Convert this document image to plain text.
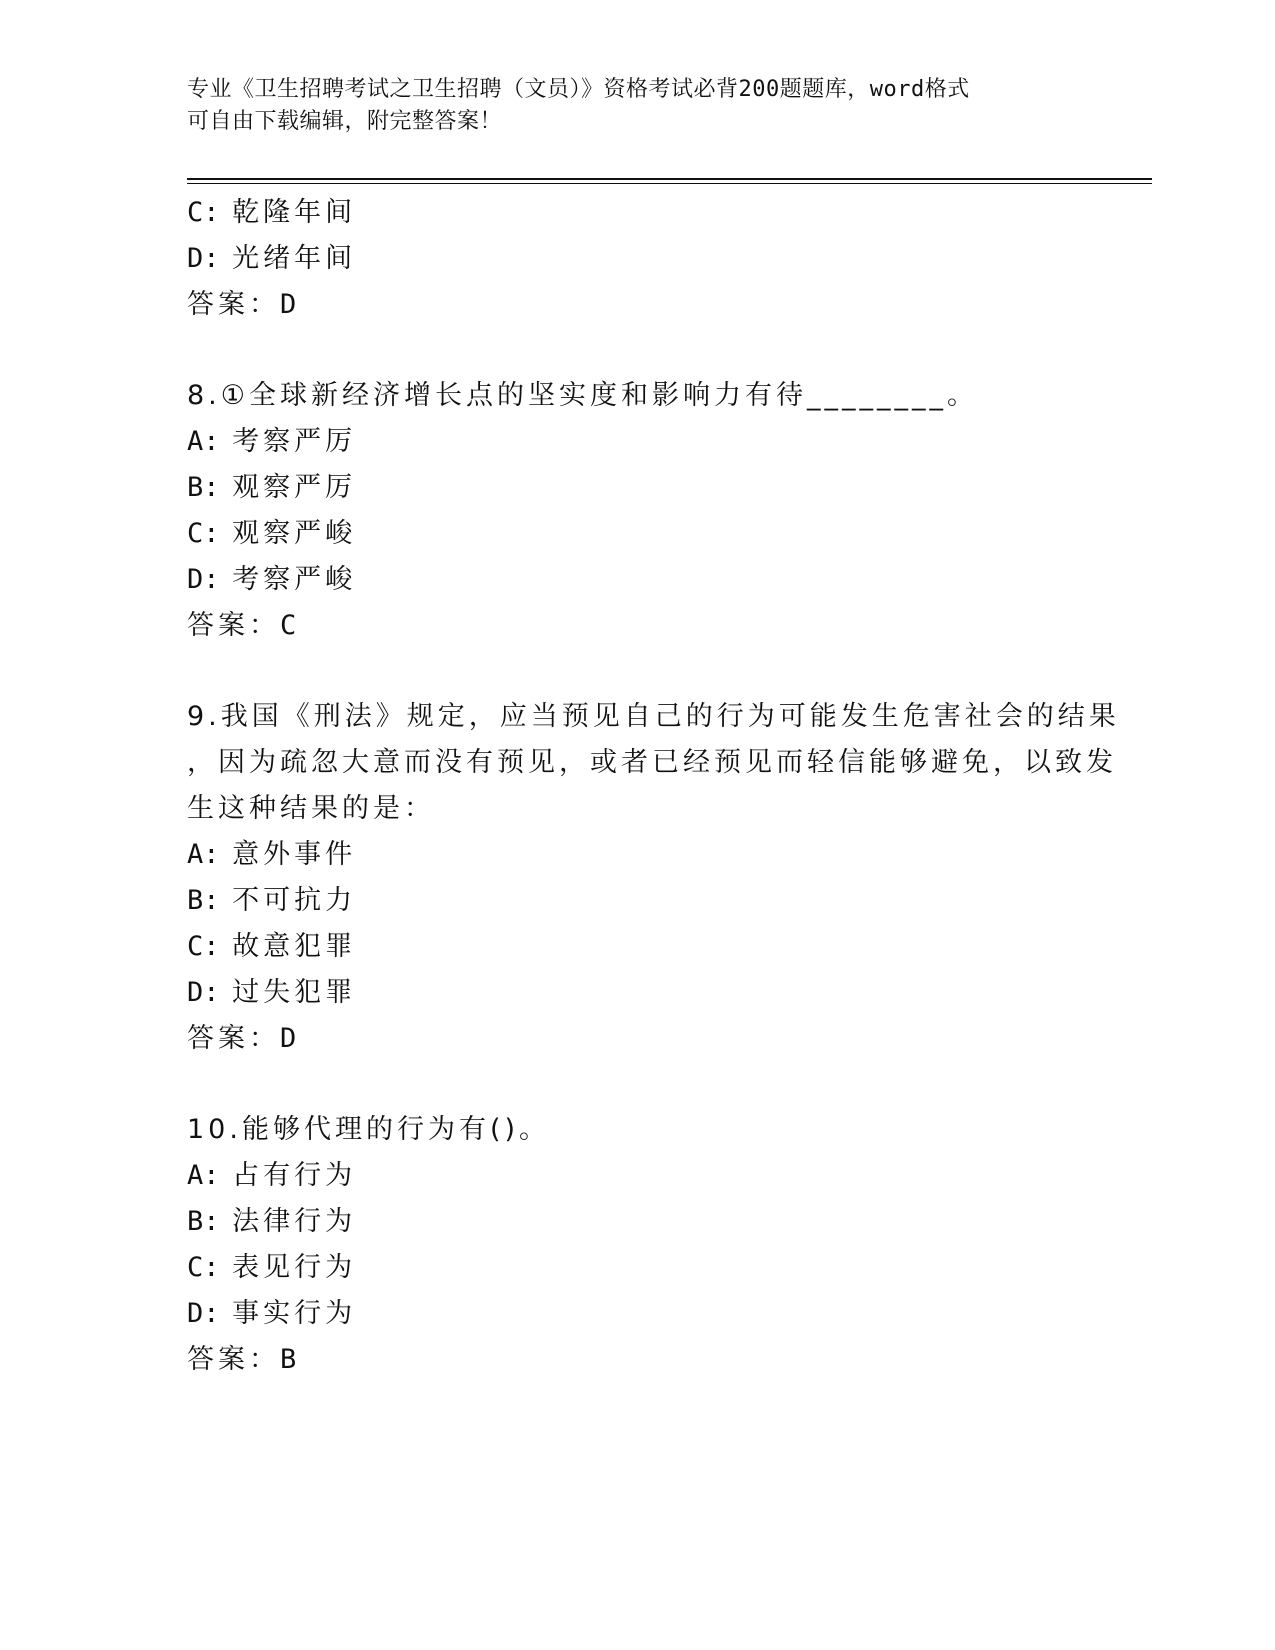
专业《卫生招聘考试之卫生招聘（文员）》资格考试必背200题题库，word格式
可自由下载编辑，附完整答案！
C: 乾隆年间
D: 光绪年间
答案：D
8.①全球新经济增长点的坚实度和影响力有待________。
A: 考察严厉
B: 观察严厉
C: 观察严峻
D: 考察严峻
答案：C
9.我国《刑法》规定，应当预见自己的行为可能发生危害社会的结果
，因为疏忽大意而没有预见，或者已经预见而轻信能够避免，以致发
生这种结果的是：
A: 意外事件
B: 不可抗力
C: 故意犯罪
D: 过失犯罪
答案：D
10.能够代理的行为有()。
A: 占有行为
B: 法律行为
C: 表见行为
D: 事实行为
答案：B
